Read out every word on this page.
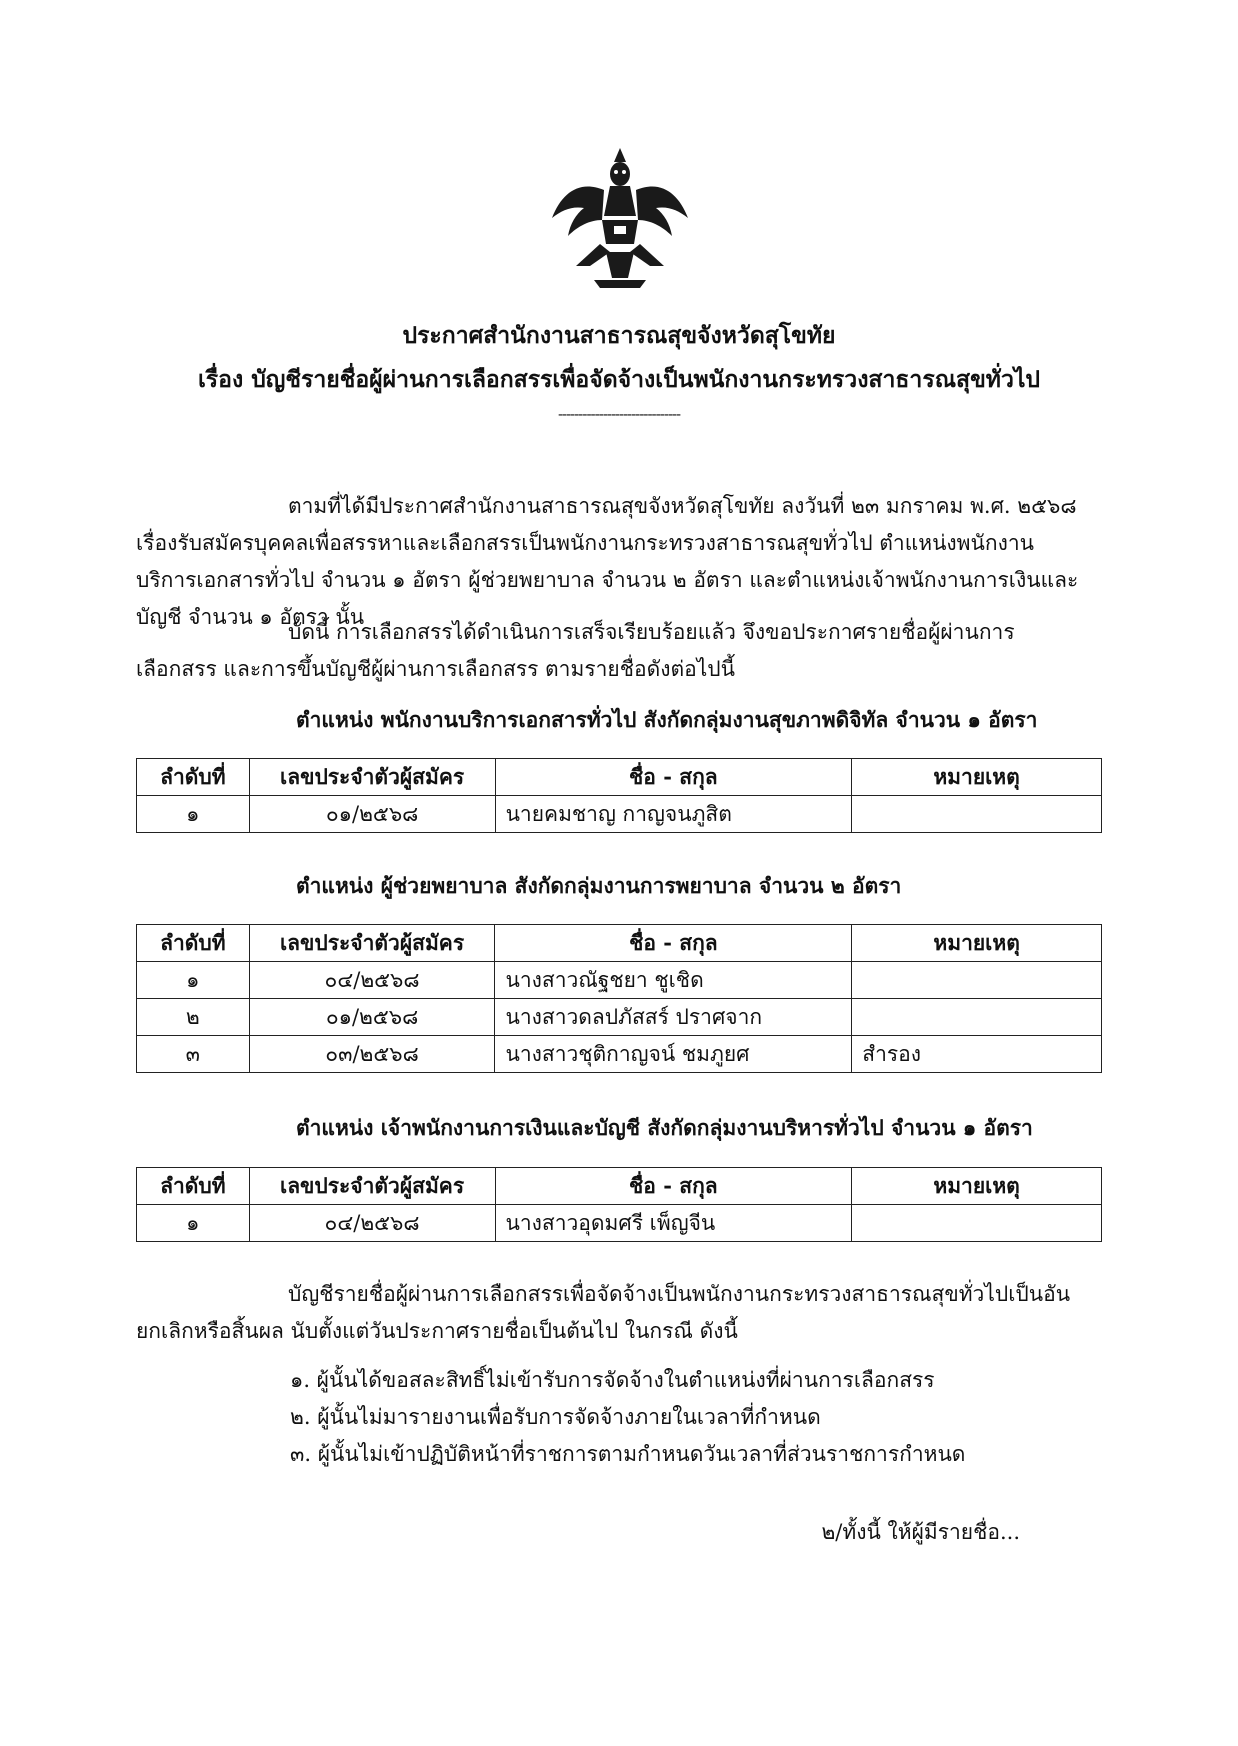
ประกาศสำนักงานสาธารณสุขจังหวัดสุโขทัย
เรื่อง บัญชีรายชื่อผู้ผ่านการเลือกสรรเพื่อจัดจ้างเป็นพนักงานกระทรวงสาธารณสุขทั่วไป
------------------------------
ตามที่ได้มีประกาศสำนักงานสาธารณสุขจังหวัดสุโขทัย ลงวันที่ ๒๓ มกราคม พ.ศ. ๒๕๖๘ เรื่องรับสมัครบุคคลเพื่อสรรหาและเลือกสรรเป็นพนักงานกระทรวงสาธารณสุขทั่วไป ตำแหน่งพนักงานบริการเอกสารทั่วไป จำนวน ๑ อัตรา ผู้ช่วยพยาบาล จำนวน ๒ อัตรา และตำแหน่งเจ้าพนักงานการเงินและบัญชี จำนวน ๑ อัตรา นั้น
บัดนี้ การเลือกสรรได้ดำเนินการเสร็จเรียบร้อยแล้ว จึงขอประกาศรายชื่อผู้ผ่านการเลือกสรร และการขึ้นบัญชีผู้ผ่านการเลือกสรร ตามรายชื่อดังต่อไปนี้
ตำแหน่ง พนักงานบริการเอกสารทั่วไป สังกัดกลุ่มงานสุขภาพดิจิทัล จำนวน ๑ อัตรา
ลำดับที่	เลขประจำตัวผู้สมัคร	ชื่อ - สกุล	หมายเหตุ
๑	๐๑/๒๕๖๘	นายคมชาญ กาญจนภูสิต	
ตำแหน่ง ผู้ช่วยพยาบาล สังกัดกลุ่มงานการพยาบาล จำนวน ๒ อัตรา
ลำดับที่	เลขประจำตัวผู้สมัคร	ชื่อ - สกุล	หมายเหตุ
๑	๐๔/๒๕๖๘	นางสาวณัฐชยา ชูเชิด	
๒	๐๑/๒๕๖๘	นางสาวดลปภัสสร์ ปราศจาก	
๓	๐๓/๒๕๖๘	นางสาวชุติกาญจน์ ชมภูยศ	สำรอง
ตำแหน่ง เจ้าพนักงานการเงินและบัญชี สังกัดกลุ่มงานบริหารทั่วไป จำนวน ๑ อัตรา
ลำดับที่	เลขประจำตัวผู้สมัคร	ชื่อ - สกุล	หมายเหตุ
๑	๐๔/๒๕๖๘	นางสาวอุดมศรี เพ็ญจีน	
บัญชีรายชื่อผู้ผ่านการเลือกสรรเพื่อจัดจ้างเป็นพนักงานกระทรวงสาธารณสุขทั่วไปเป็นอันยกเลิกหรือสิ้นผล นับตั้งแต่วันประกาศรายชื่อเป็นต้นไป ในกรณี ดังนี้
๑. ผู้นั้นได้ขอสละสิทธิ์ไม่เข้ารับการจัดจ้างในตำแหน่งที่ผ่านการเลือกสรร
๒. ผู้นั้นไม่มารายงานเพื่อรับการจัดจ้างภายในเวลาที่กำหนด
๓. ผู้นั้นไม่เข้าปฏิบัติหน้าที่ราชการตามกำหนดวันเวลาที่ส่วนราชการกำหนด
๒/ทั้งนี้ ให้ผู้มีรายชื่อ...
